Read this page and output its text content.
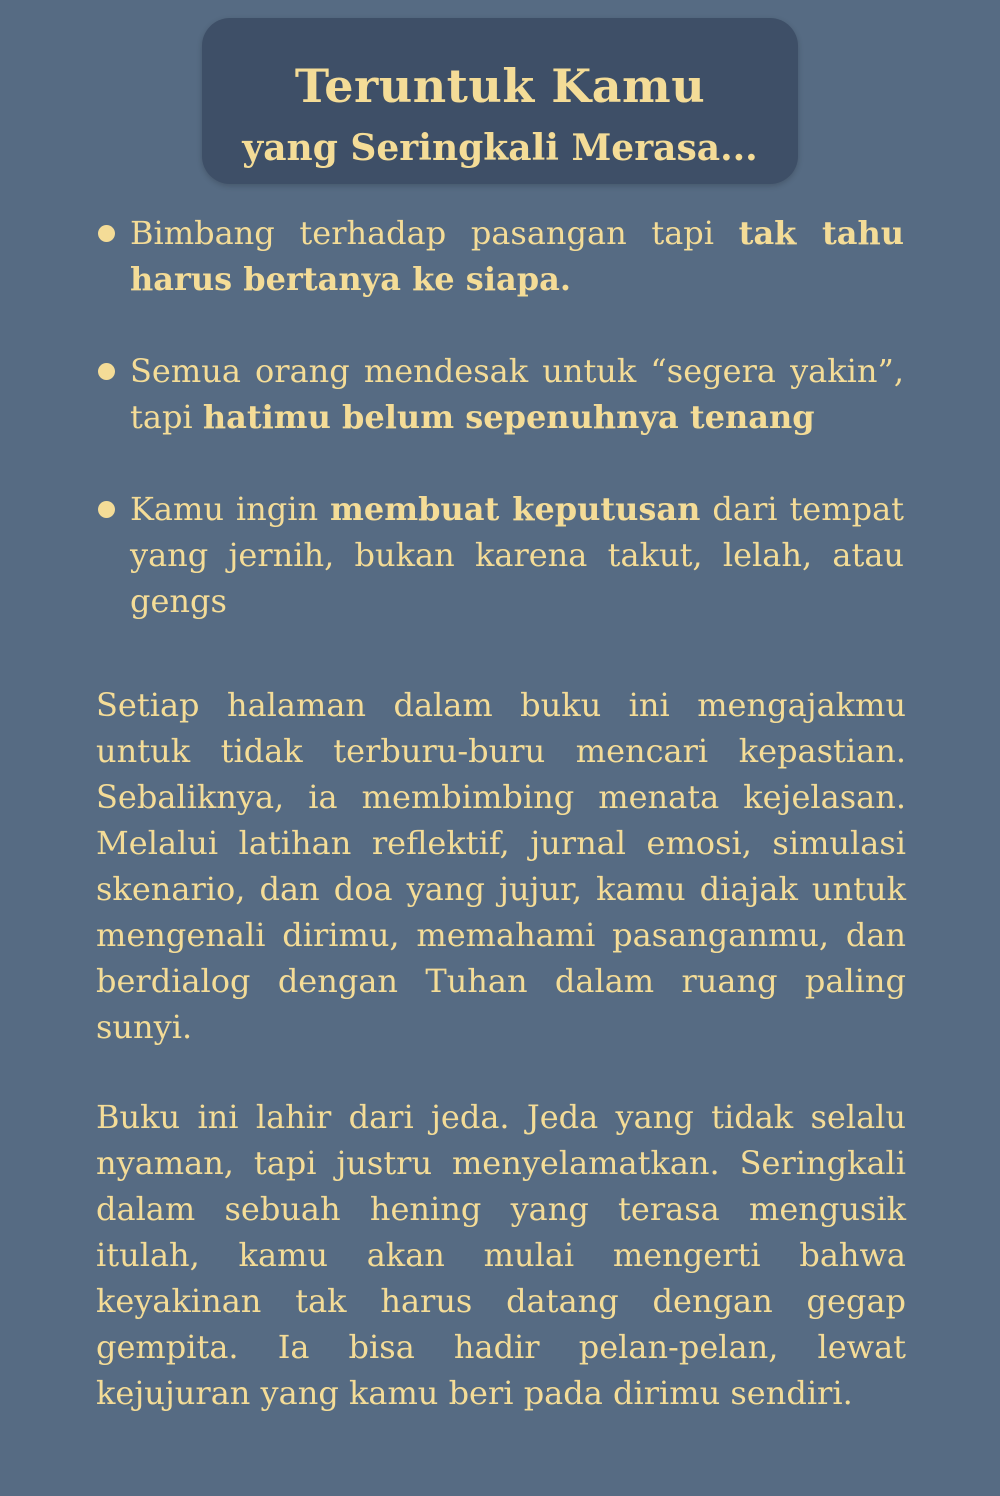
Teruntuk Kamu
yang Seringkali Merasa...
Bimbang terhadap pasangan tapi tak tahu harus bertanya ke siapa.
Semua orang mendesak untuk “segera yakin”, tapi hatimu belum sepenuhnya tenang
Kamu ingin membuat keputusan dari tempat yang jernih, bukan karena takut, lelah, atau gengs
Setiap halaman dalam buku ini mengajakmu untuk tidak terburu-buru mencari kepastian. Sebaliknya, ia membimbing menata kejelasan. Melalui latihan reflektif, jurnal emosi, simulasi skenario, dan doa yang jujur, kamu diajak untuk mengenali dirimu, memahami pasanganmu, dan berdialog dengan Tuhan dalam ruang paling sunyi.
Buku ini lahir dari jeda. Jeda yang tidak selalu nyaman, tapi justru menyelamatkan. Seringkali dalam sebuah hening yang terasa mengusik itulah, kamu akan mulai mengerti bahwa keyakinan tak harus datang dengan gegap gempita. Ia bisa hadir pelan-pelan, lewat kejujuran yang kamu beri pada dirimu sendiri.
